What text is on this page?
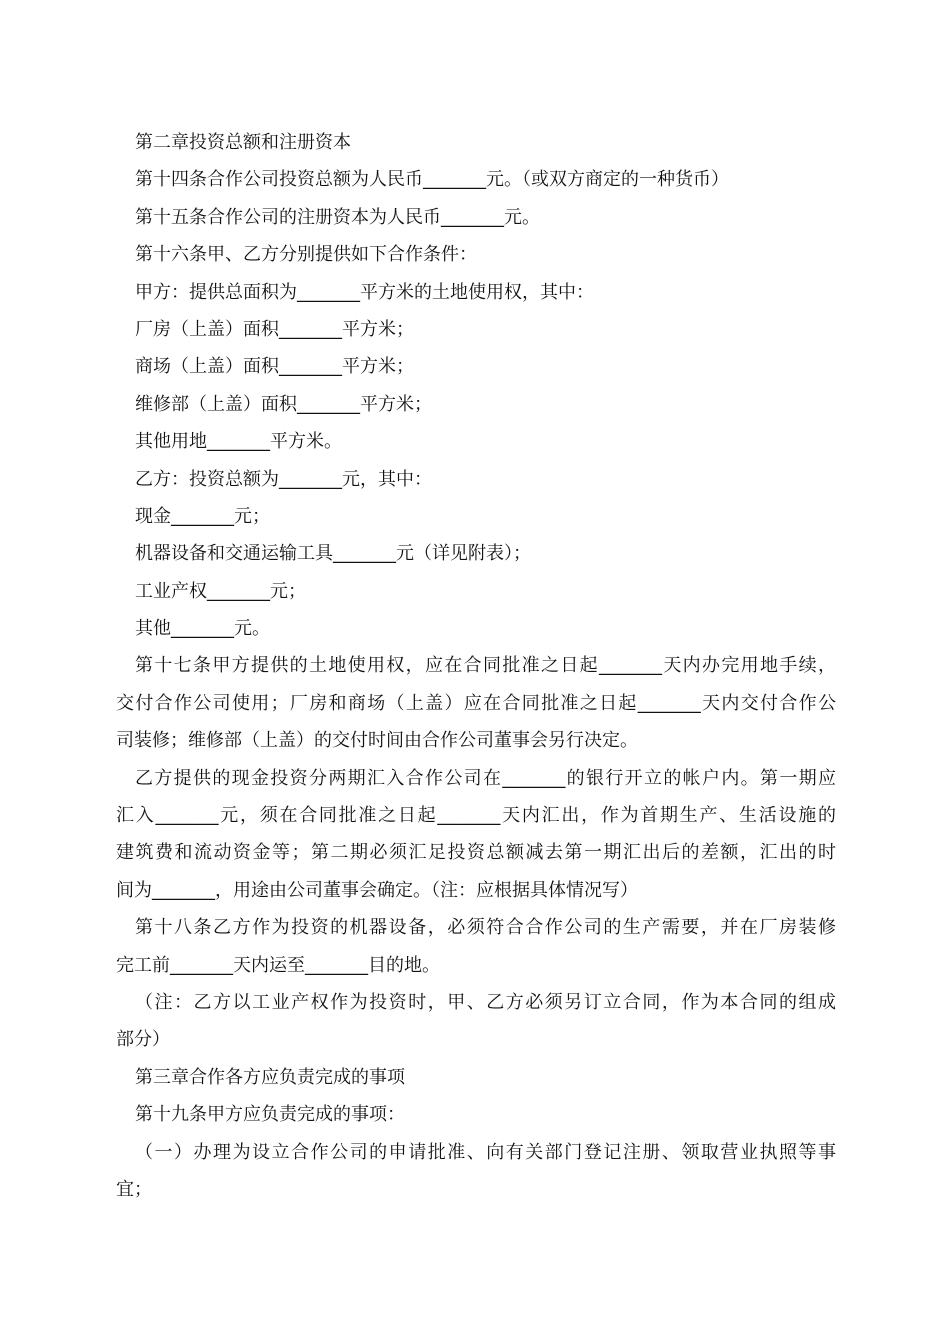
第二章投资总额和注册资本
第十四条合作公司投资总额为人民币_______元。（或双方商定的一种货币）
第十五条合作公司的注册资本为人民币_______元。
第十六条甲、乙方分别提供如下合作条件：
甲方：提供总面积为_______平方米的土地使用权，其中：
厂房（上盖）面积_______平方米；
商场（上盖）面积_______平方米；
维修部（上盖）面积_______平方米；
其他用地_______平方米。
乙方：投资总额为_______元，其中：
现金_______元；
机器设备和交通运输工具_______元（详见附表）；
工业产权_______元；
其他_______元。
第十七条甲方提供的土地使用权，应在合同批准之日起_______天内办完用地手续，
交付合作公司使用；厂房和商场（上盖）应在合同批准之日起_______天内交付合作公
司装修；维修部（上盖）的交付时间由合作公司董事会另行决定。
乙方提供的现金投资分两期汇入合作公司在_______的银行开立的帐户内。第一期应
汇入_______元，须在合同批准之日起_______天内汇出，作为首期生产、生活设施的
建筑费和流动资金等；第二期必须汇足投资总额减去第一期汇出后的差额，汇出的时
间为_______，用途由公司董事会确定。（注：应根据具体情况写）
第十八条乙方作为投资的机器设备，必须符合合作公司的生产需要，并在厂房装修
完工前_______天内运至_______目的地。
（注：乙方以工业产权作为投资时，甲、乙方必须另订立合同，作为本合同的组成
部分）
第三章合作各方应负责完成的事项
第十九条甲方应负责完成的事项：
（一）办理为设立合作公司的申请批准、向有关部门登记注册、领取营业执照等事
宜；
